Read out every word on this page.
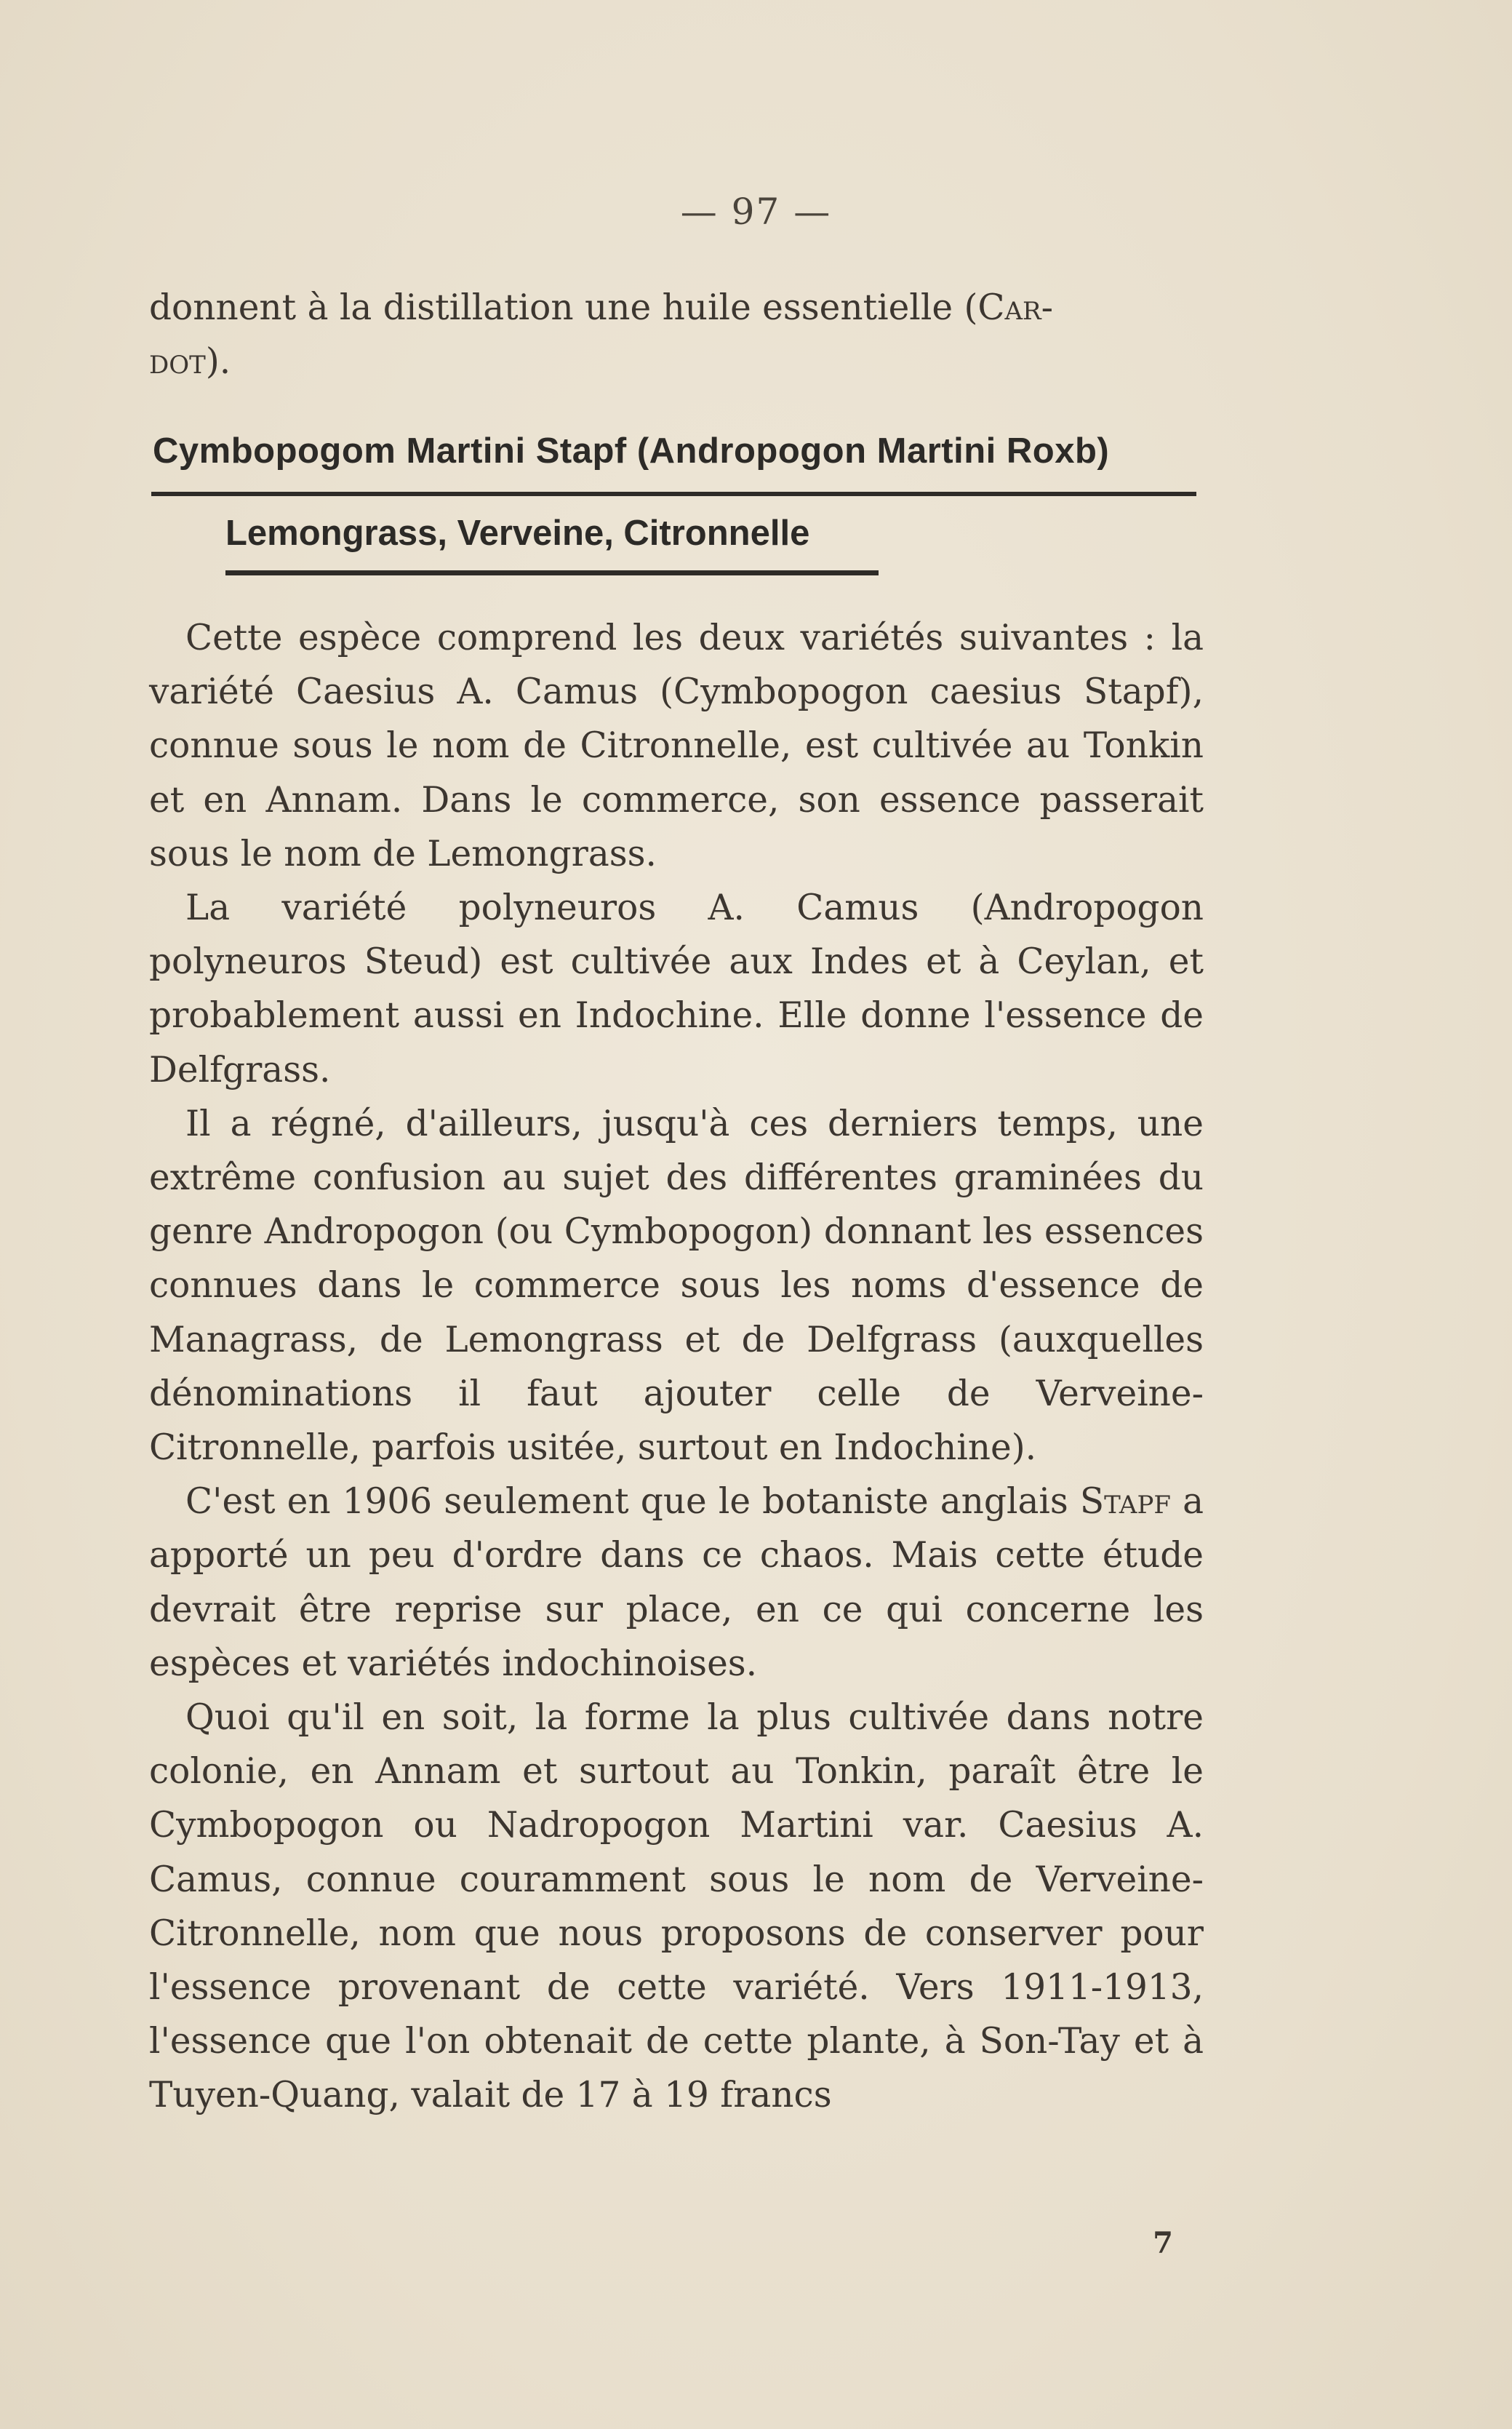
— 97 —

donnent à la distillation une huile essentielle (Car-
dot).

Cymbopogom Martini Stapf (Andropogon Martini Roxb)
Lemongrass, Verveine, Citronnelle

Cette espèce comprend les deux variétés suivantes : la variété Caesius A. Camus (Cymbopogon caesius Stapf), connue sous le nom de Citronnelle, est cultivée au Tonkin et en Annam. Dans le commerce, son essence passerait sous le nom de Lemongrass.

La variété polyneuros A. Camus (Andropogon polyneuros Steud) est cultivée aux Indes et à Ceylan, et probablement aussi en Indochine. Elle donne l'essence de Delfgrass.

Il a régné, d'ailleurs, jusqu'à ces derniers temps, une extrême confusion au sujet des différentes graminées du genre Andropogon (ou Cymbopogon) donnant les essences connues dans le commerce sous les noms d'essence de Managrass, de Lemongrass et de Delfgrass (auxquelles dénominations il faut ajouter celle de Verveine-Citronnelle, parfois usitée, surtout en Indochine).

C'est en 1906 seulement que le botaniste anglais Stapf a apporté un peu d'ordre dans ce chaos. Mais cette étude devrait être reprise sur place, en ce qui concerne les espèces et variétés indochinoises.

Quoi qu'il en soit, la forme la plus cultivée dans notre colonie, en Annam et surtout au Tonkin, paraît être le Cymbopogon ou Nadropogon Martini var. Caesius A. Camus, connue couramment sous le nom de Verveine-Citronnelle, nom que nous proposons de conserver pour l'essence provenant de cette variété. Vers 1911-1913, l'essence que l'on obtenait de cette plante, à Son-Tay et à Tuyen-Quang, valait de 17 à 19 francs

7
